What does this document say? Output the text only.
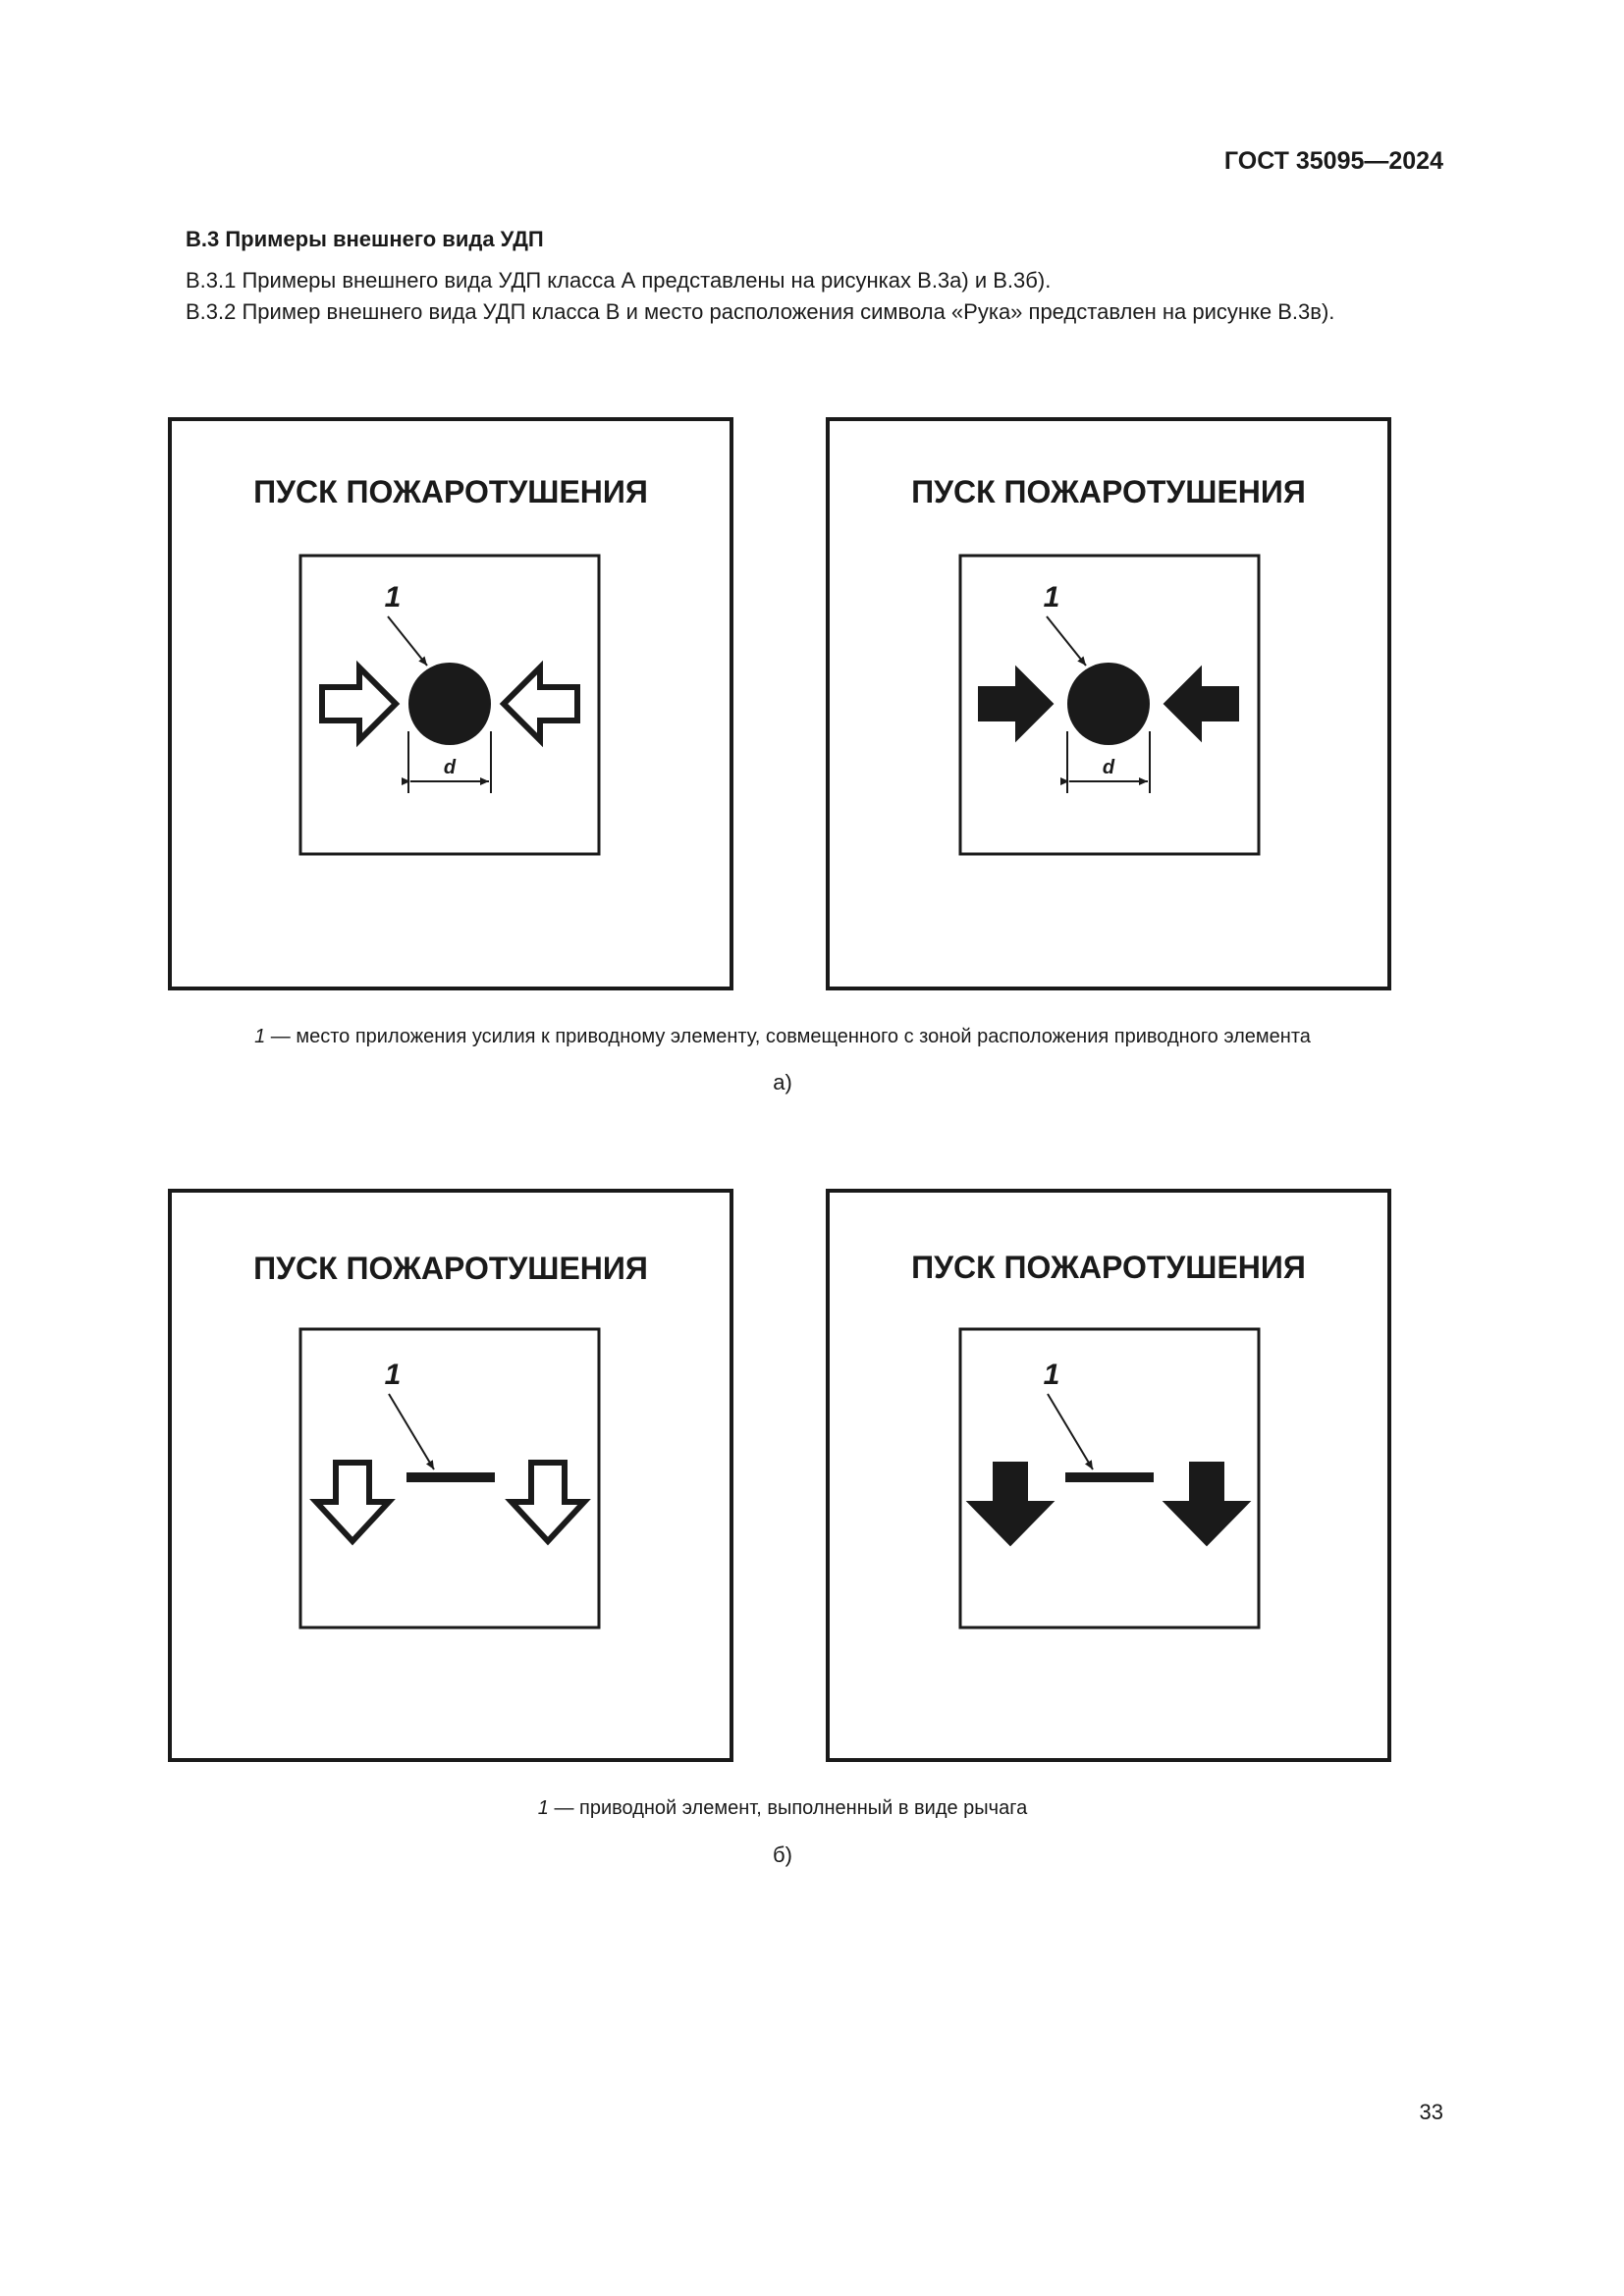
ГОСТ 35095—2024

В.3 Примеры внешнего вида УДП

В.3.1 Примеры внешнего вида УДП класса А представлены на рисунках В.3а) и В.3б).

В.3.2 Пример внешнего вида УДП класса В и место расположения символа «Рука» представлен на рисунке В.3в).

ПУСК ПОЖАРОТУШЕНИЯ
d
1
ПУСК ПОЖАРОТУШЕНИЯ
d
1
ПУСК ПОЖАРОТУШЕНИЯ
1
ПУСК ПОЖАРОТУШЕНИЯ
1

1 — место приложения усилия к приводному элементу, совмещенного с зоной расположения приводного элемента

а)

1 — приводной элемент, выполненный в виде рычага

б)

33
